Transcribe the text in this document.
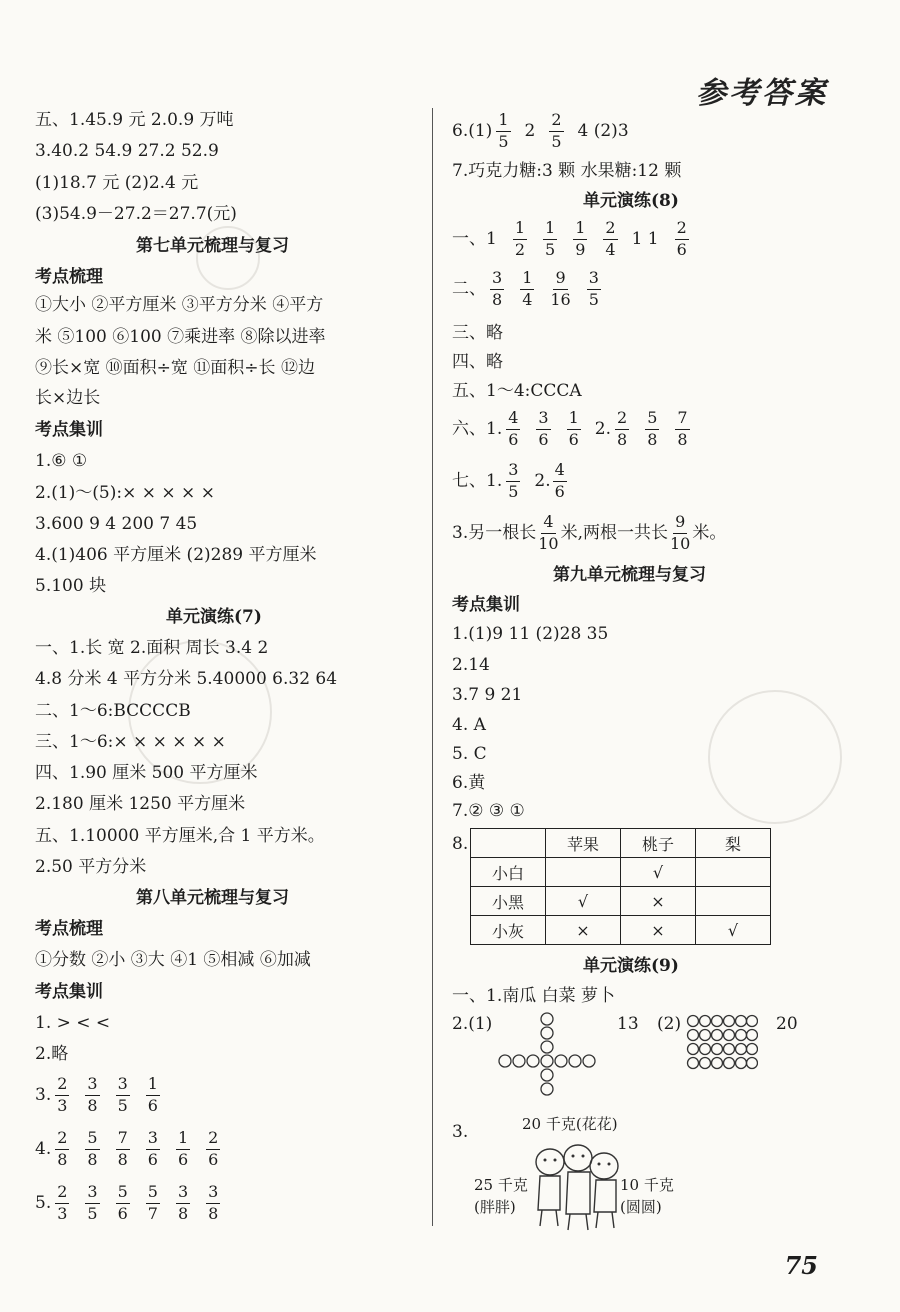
参考答案
五、1.45.9 元 2.0.9 万吨
3.40.2 54.9 27.2 52.9
(1)18.7 元 (2)2.4 元
(3)54.9－27.2＝27.7(元)
第七单元梳理与复习
考点梳理
①大小 ②平方厘米 ③平方分米 ④平方
米 ⑤100 ⑥100 ⑦乘进率 ⑧除以进率
⑨长×宽 ⑩面积÷宽 ⑪面积÷长 ⑫边
长×边长
考点集训
1.⑥ ①
2.(1)～(5):× × × × ×
3.600 9 4 200 7 45
4.(1)406 平方厘米 (2)289 平方厘米
5.100 块
单元演练(7)
一、1.长 宽 2.面积 周长 3.4 2
4.8 分米 4 平方分米 5.40000 6.32 64
二、1～6:BCCCCB
三、1～6:× × × × × ×
四、1.90 厘米 500 平方厘米
2.180 厘米 1250 平方厘米
五、1.10000 平方厘米,合 1 平方米。
2.50 平方分米
第八单元梳理与复习
考点梳理
①分数 ②小 ③大 ④1 ⑤相减 ⑥加减
考点集训
1. > < <
2.略
3. $\frac{2}{3} \frac{3}{8} \frac{3}{5} \frac{1}{6}$
4. $\frac{2}{8} \frac{5}{8} \frac{7}{8} \frac{3}{6} \frac{1}{6} \frac{2}{6}$
5. $\frac{2}{3} \frac{3}{5} \frac{5}{6} \frac{5}{7} \frac{3}{8} \frac{3}{8}$
$6.(1) \frac{1}{5} 2 \frac{2}{5} 4$ (2)3
7.巧克力糖:3 颗 水果糖:12 颗
单元演练(8)
一、$1 \frac{1}{2} \frac{1}{5} \frac{1}{9} \frac{2}{4} 1$ $1 \frac{2}{6}$
二、 $\frac{3}{8} \frac{1}{4} \frac{9}{16} \frac{3}{5}$
三、略
四、略
五、1～4:CCCA
六、1. $\frac{4}{6} \frac{3}{6} \frac{1}{6} 2$. $\frac{2}{8} \frac{5}{8} \frac{7}{8}$
七、1. $\frac{3}{5} 2$. $\frac{4}{6}$
3.另一根长 $\frac{4}{10}$ 米,两根一共长 $\frac{9}{10}$ 米。
第九单元梳理与复习
考点集训
1.(1)9 11 (2)28 35
2.14
3.7 9 21
4. A
5. C
6.黄
7.② ③ ①
8.
		苹果	桃子	梨
小白		√	
小黑	√	×	
小灰	×	×	√
单元演练(9)
一、1.南瓜 白菜 萝卜
2.(1)	13 (2)	20
3.	20 千克(花花)
25 千克
(胖胖)
10 千克
(圆圆)
75
